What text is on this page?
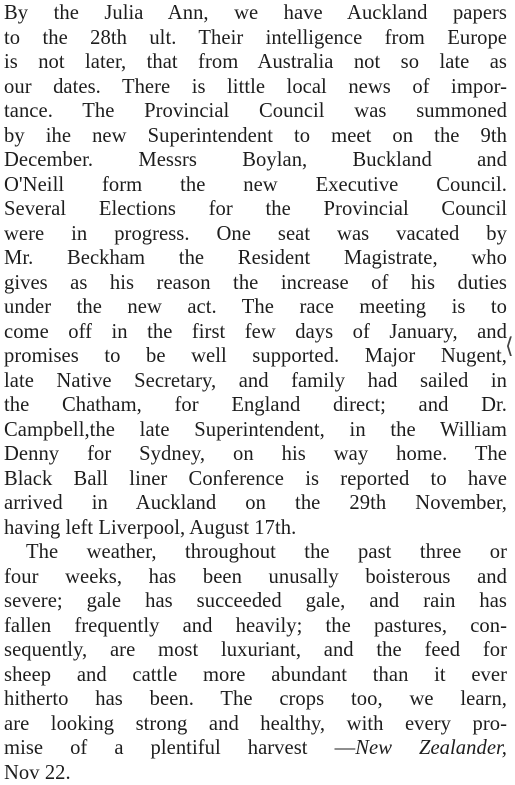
By the Julia Ann, we have Auckland papers
to the 28th ult. Their intelligence from Europe
is not later, that from Australia not so late as
our dates. There is little local news of impor-
tance. The Provincial Council was summoned
by ihe new Superintendent to meet on the 9th
December. Messrs Boylan, Buckland and
O'Neill form the new Executive Council.
Several Elections for the Provincial Council
were in progress. One seat was vacated by
Mr. Beckham the Resident Magistrate, who
gives as his reason the increase of his duties
under the new act. The race meeting is to
come off in the first few days of January, and
promises to be well supported. Major Nugent,
late Native Secretary, and family had sailed in
the Chatham, for England direct; and Dr.
Campbell,the late Superintendent, in the William
Denny for Sydney, on his way home. The
Black Ball liner Conference is reported to have
arrived in Auckland on the 29th November,
having left Liverpool, August 17th.
The weather, throughout the past three or
four weeks, has been unusally boisterous and
severe; gale has succeeded gale, and rain has
fallen frequently and heavily; the pastures, con-
sequently, are most luxuriant, and the feed for
sheep and cattle more abundant than it ever
hitherto has been. The crops too, we learn,
are looking strong and healthy, with every pro-
mise of a plentiful harvest —New Zealander,
Nov 22.
⟨
